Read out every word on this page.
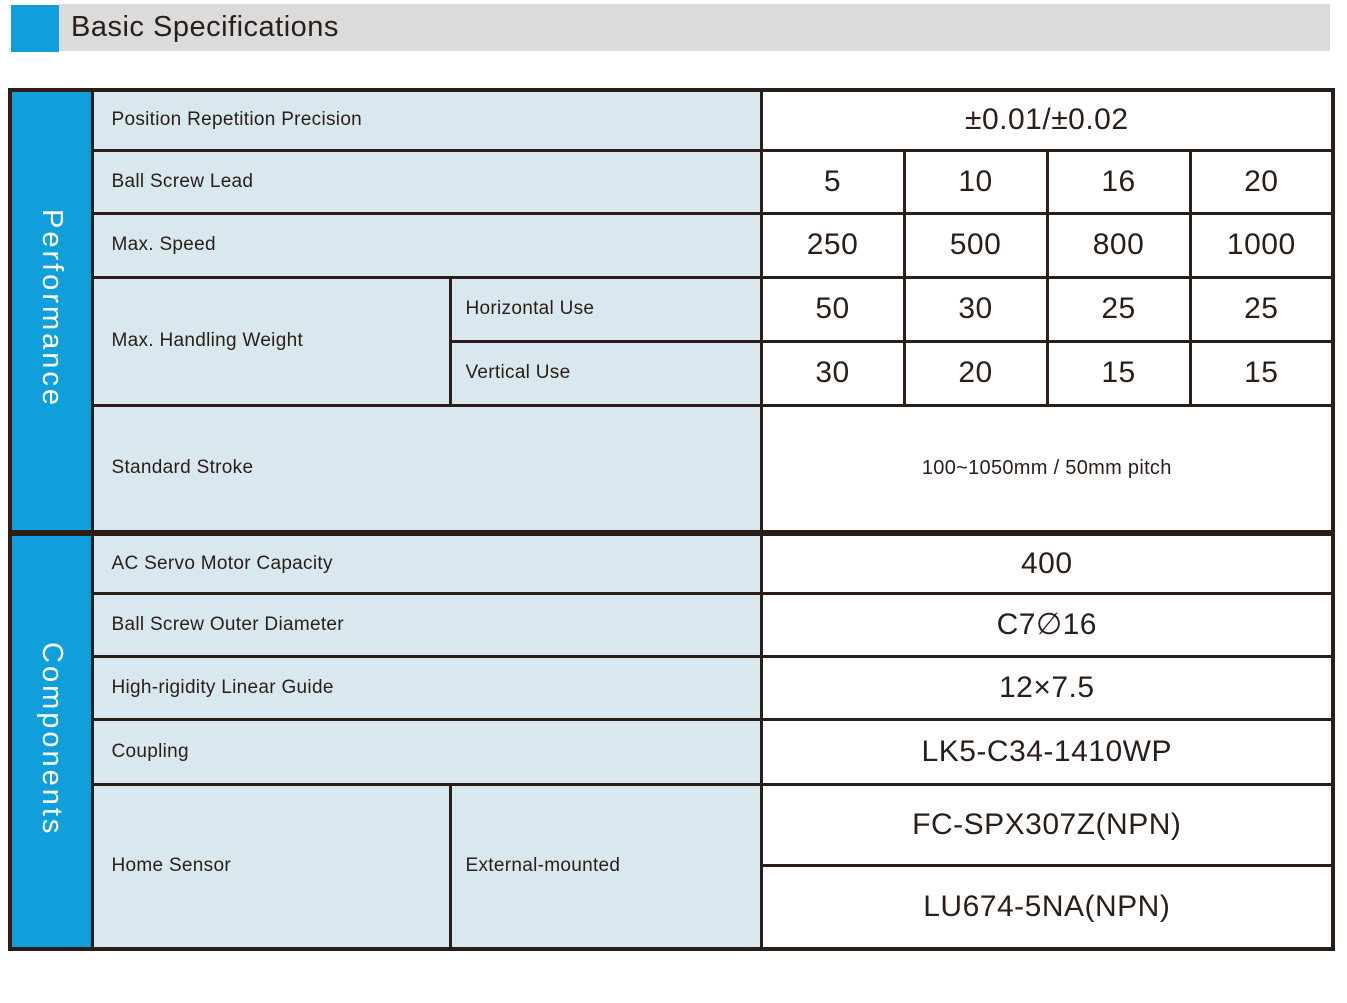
Basic Specifications
Performance	Position Repetition Precision		±0.01/±0.02			
	Ball Screw Lead		5	10	16	20
	Max. Speed		250	500	800	1000
	Max. Handling Weight	Horizontal Use	50	30	25	25
		Vertical Use	30	20	15	15
	Standard Stroke		100~1050mm / 50mm pitch			
Components	AC Servo Motor Capacity		400			
	Ball Screw Outer Diameter		C7∅16			
	High-rigidity Linear Guide		12×7.5			
	Coupling		LK5-C34-1410WP			
	Home Sensor	External-mounted	FC-SPX307Z(NPN)			
			LU674-5NA(NPN)			
